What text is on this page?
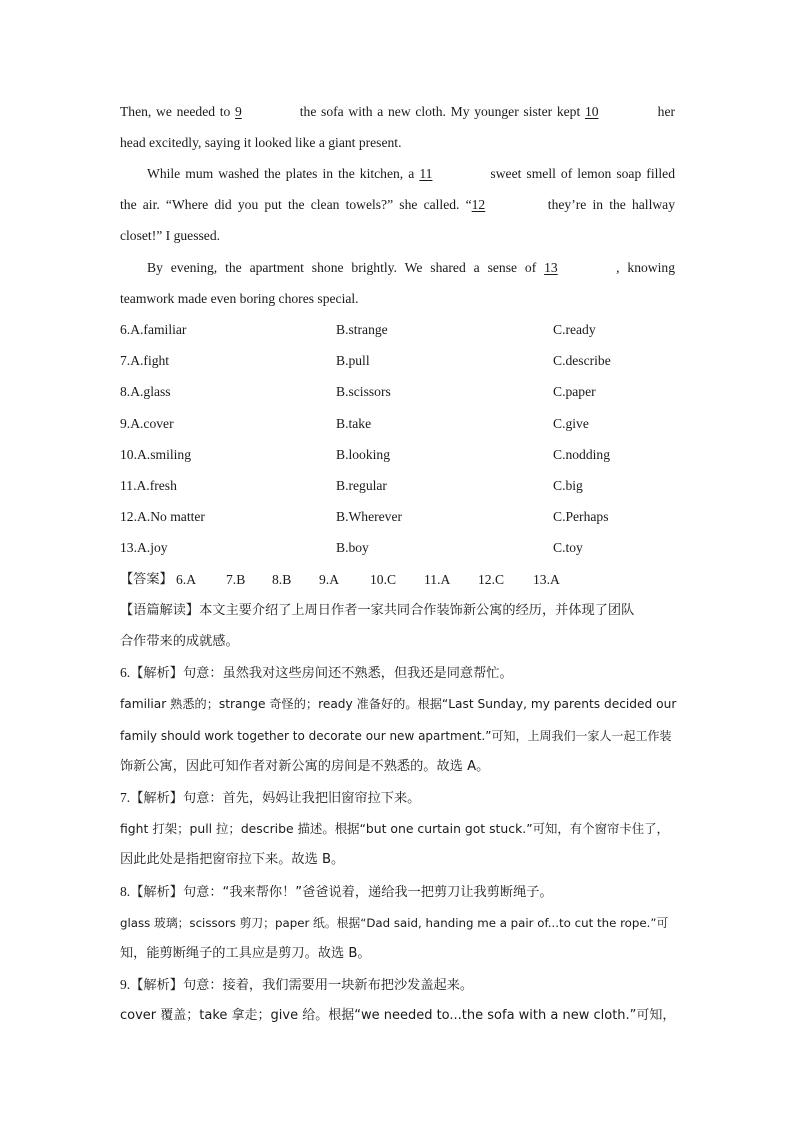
Then, we needed to 9	the sofa with a new cloth. My younger sister kept 10	her
head excitedly, saying it looked like a giant present.
While mum washed the plates in the kitchen, a 11	sweet smell of lemon soap filled
the air. “Where did you put the clean towels?” she called. “12	they’re in the hallway
closet!” I guessed.
By evening, the apartment shone brightly. We shared a sense of 13	, knowing
teamwork made even boring chores special.
6.A.familiar	B.strange	C.ready
7.A.fight	B.pull	C.describe
8.A.glass	B.scissors	C.paper
9.A.cover	B.take	C.give
10.A.smiling	B.looking	C.nodding
11.A.fresh	B.regular	C.big
12.A.No matter	B.Wherever	C.Perhaps
13.A.joy	B.boy	C.toy
【答案】 6.A 7.B 8.B 9.A 10.C 11.A 12.C 13.A
【语篇解读】本文主要介绍了上周日作者一家共同合作装饰新公寓的经历，并体现了团队
合作带来的成就感。
6.【解析】句意：虽然我对这些房间还不熟悉，但我还是同意帮忙。
familiar 熟悉的；strange 奇怪的；ready 准备好的。根据“Last Sunday, my parents decided our
family should work together to decorate our new apartment.”可知，上周我们一家人一起工作装
饰新公寓，因此可知作者对新公寓的房间是不熟悉的。故选 A。
7.【解析】句意：首先，妈妈让我把旧窗帘拉下来。
fight 打架；pull 拉；describe 描述。根据“but one curtain got stuck.”可知，有个窗帘卡住了，
因此此处是指把窗帘拉下来。故选 B。
8.【解析】句意：“我来帮你！”爸爸说着，递给我一把剪刀让我剪断绳子。
glass 玻璃；scissors 剪刀；paper 纸。根据“Dad said, handing me a pair of...to cut the rope.”可
知，能剪断绳子的工具应是剪刀。故选 B。
9.【解析】句意：接着，我们需要用一块新布把沙发盖起来。
cover 覆盖；take 拿走；give 给。根据“we needed to...the sofa with a new cloth.”可知，
